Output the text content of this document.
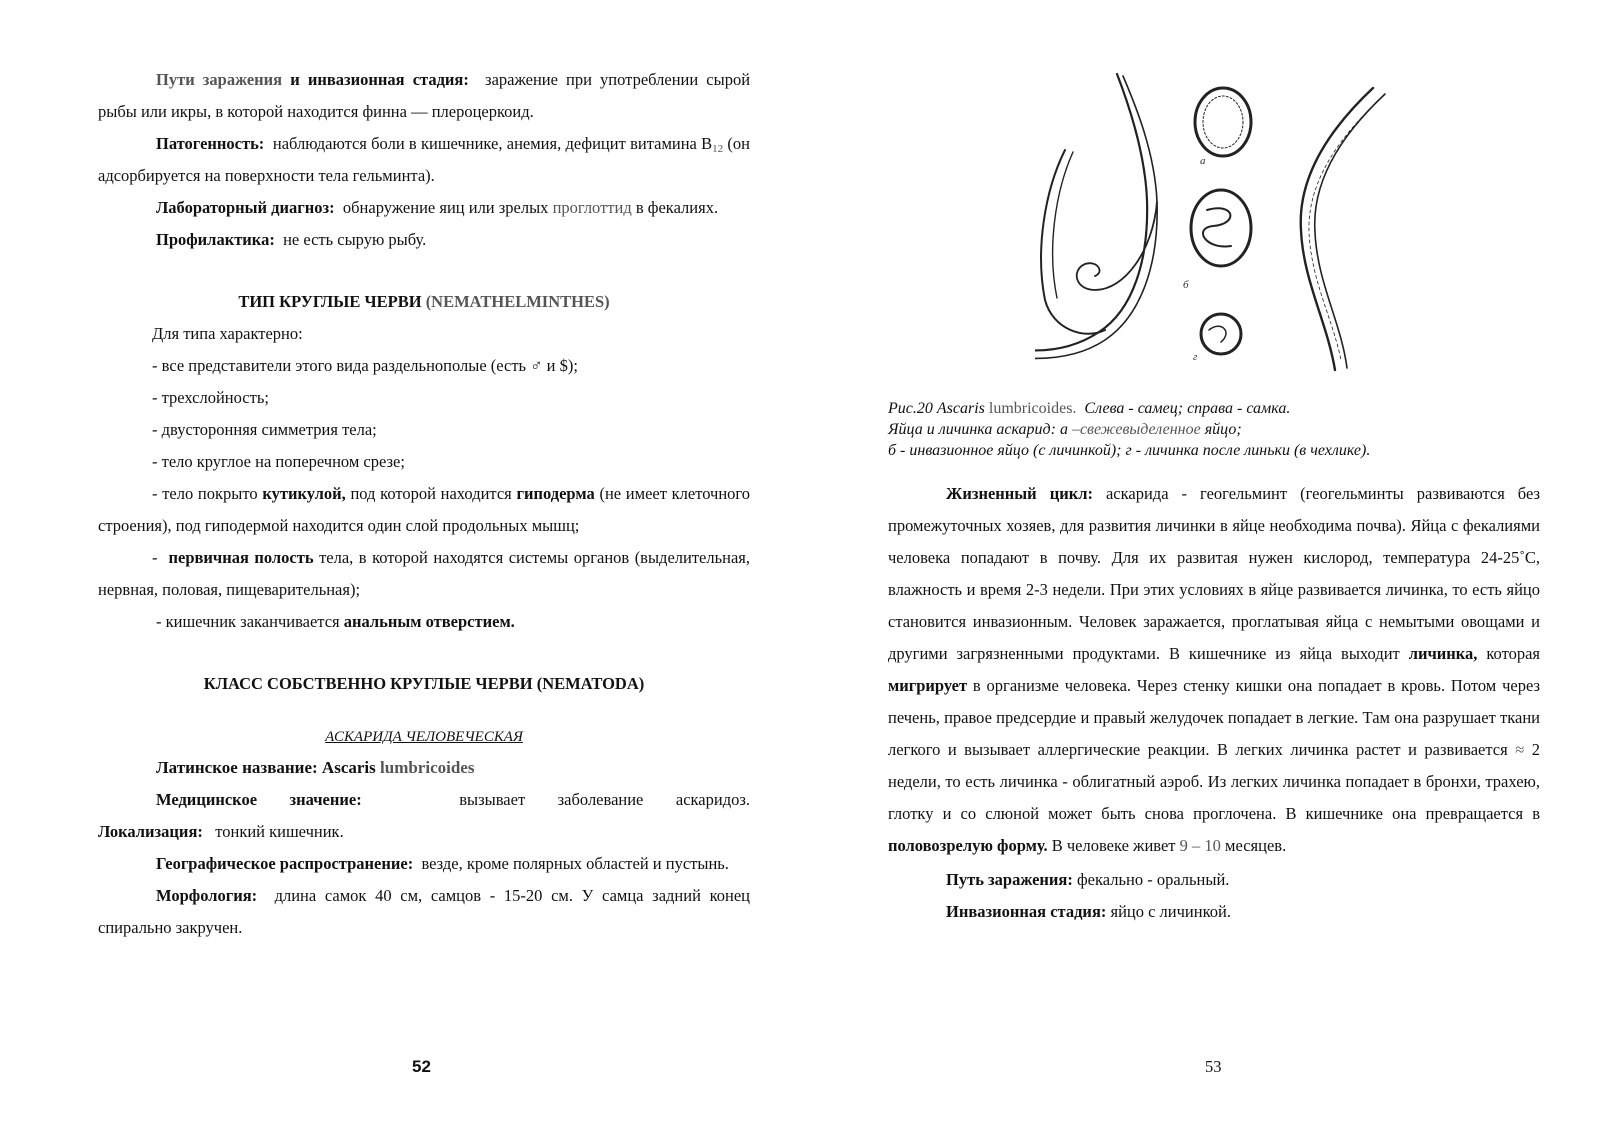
Пути заражения и инвазионная стадия: заражение при употреблении сырой рыбы или икры, в которой находится финна — плероцеркоид.

Патогенность: наблюдаются боли в кишечнике, анемия, дефицит витамина $B_{12}$ (он адсорбируется на поверхности тела гельминта).

Лабораторный диагноз: обнаружение яиц или зрелых проглоттид в фекалиях.

Профилактика: не есть сырую рыбу.

ТИП КРУГЛЫЕ ЧЕРВИ (NEMATHELMINTHES)

Для типа характерно:

- все представители этого вида раздельнополые (есть ♂ и $);

- трехслойность;

- двусторонняя симметрия тела;

- тело круглое на поперечном срезе;

- тело покрыто кутикулой, под которой находится гиподерма (не имеет клеточного строения), под гиподермой находится один слой продольных мышц;

- первичная полость тела, в которой находятся системы органов (выделительная, нервная, половая, пищеварительная);

- кишечник заканчивается анальным отверстием.

КЛАСС СОБСТВЕННО КРУГЛЫЕ ЧЕРВИ (NEMATODA)
АСКАРИДА ЧЕЛОВЕЧЕСКАЯ

Латинское название: Ascaris lumbricoides

Медицинское значение:	вызывает заболевание аскаридоз.

Локализация: тонкий кишечник.

Географическое распространение: везде, кроме полярных областей и пустынь.

Морфология: длина самок 40 см, самцов - 15-20 см. У самца задний конец спирально закручен.

52
а
б
г
Рис.20 Ascaris lumbricoides. Слева - самец; справа - самка.
Яйца и личинка аскарид: а –свежевыделенное яйцо;
б - инвазионное яйцо (с личинкой); г - личинка после линьки (в чехлике).

Жизненный цикл: аскарида - геогельминт (геогельминты развиваются без промежуточных хозяев, для развития личинки в яйце необходима почва). Яйца с фекалиями человека попадают в почву. Для их развитая нужен кислород, температура 24-25˚С, влажность и время 2-3 недели. При этих условиях в яйце развивается личинка, то есть яйцо становится инвазионным. Человек заражается, проглатывая яйца с немытыми овощами и другими загрязненными продуктами. В кишечнике из яйца выходит личинка, которая мигрирует в организме человека. Через стенку кишки она попадает в кровь. Потом через печень, правое предсердие и правый желудочек попадает в легкие. Там она разрушает ткани легкого и вызывает аллергические реакции. В легких личинка растет и развивается ≈ 2 недели, то есть личинка - облигатный аэроб. Из легких личинка попадает в бронхи, трахею, глотку и со слюной может быть снова проглочена. В кишечнике она превращается в половозрелую форму. В человеке живет 9 – 10 месяцев.

Путь заражения: фекально - оральный.

Инвазионная стадия: яйцо с личинкой.

53
